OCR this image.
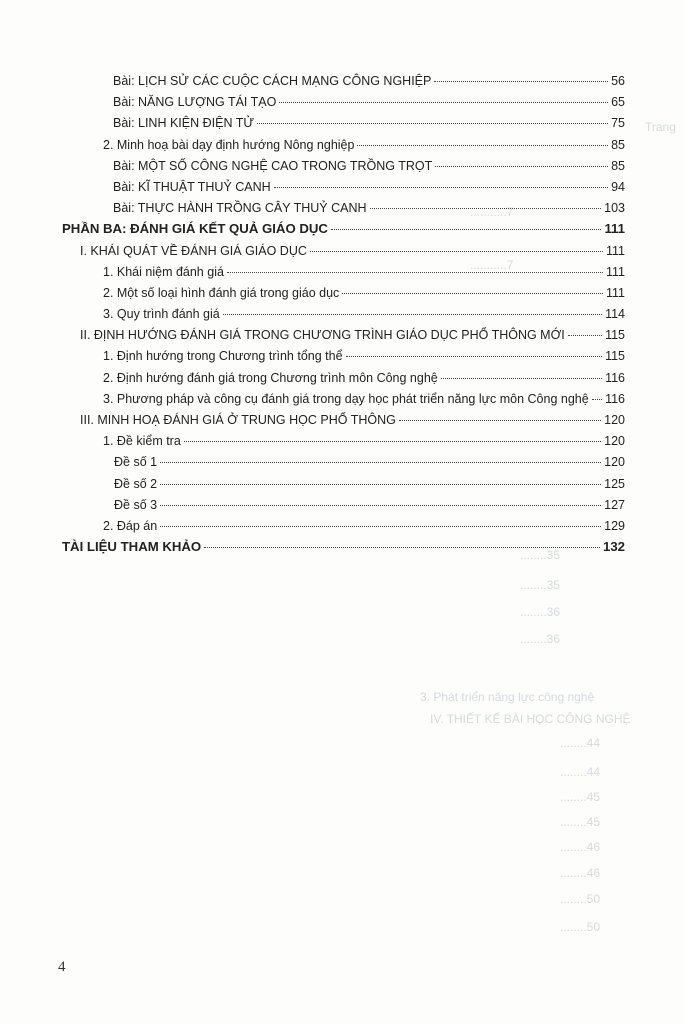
Trang
...........7
...........7
........35
........35
........36
........36
3. Phát triển năng lực công nghệ
IV. THIẾT KẾ BÀI HỌC CÔNG NGHỆ
........44
........44
........45
........45
........46
........46
........50
........50
Bài: LỊCH SỬ CÁC CUỘC CÁCH MẠNG CÔNG NGHIỆP	56
Bài: NĂNG LƯỢNG TÁI TẠO	65
Bài: LINH KIỆN ĐIỆN TỬ	75
2. Minh hoạ bài dạy định hướng Nông nghiệp	85
Bài: MỘT SỐ CÔNG NGHỆ CAO TRONG TRỒNG TRỌT	85
Bài: KĨ THUẬT THUỶ CANH	94
Bài: THỰC HÀNH TRỒNG CÂY THUỶ CANH	103
PHẦN BA: ĐÁNH GIÁ KẾT QUẢ GIÁO DỤC	111
I. KHÁI QUÁT VỀ ĐÁNH GIÁ GIÁO DỤC	111
1. Khái niệm đánh giá	111
2. Một số loại hình đánh giá trong giáo dục	111
3. Quy trình đánh giá	114
II. ĐỊNH HƯỚNG ĐÁNH GIÁ TRONG CHƯƠNG TRÌNH GIÁO DỤC PHỔ THÔNG MỚI	115
1. Định hướng trong Chương trình tổng thể	115
2. Định hướng đánh giá trong Chương trình môn Công nghệ	116
3. Phương pháp và công cụ đánh giá trong dạy học phát triển năng lực môn Công nghệ 116
III. MINH HOẠ ĐÁNH GIÁ Ở TRUNG HỌC PHỔ THÔNG	120
1. Đề kiểm tra	120
Đề số 1	120
Đề số 2	125
Đề số 3	127
2. Đáp án	129
TÀI LIỆU THAM KHẢO	132
4
